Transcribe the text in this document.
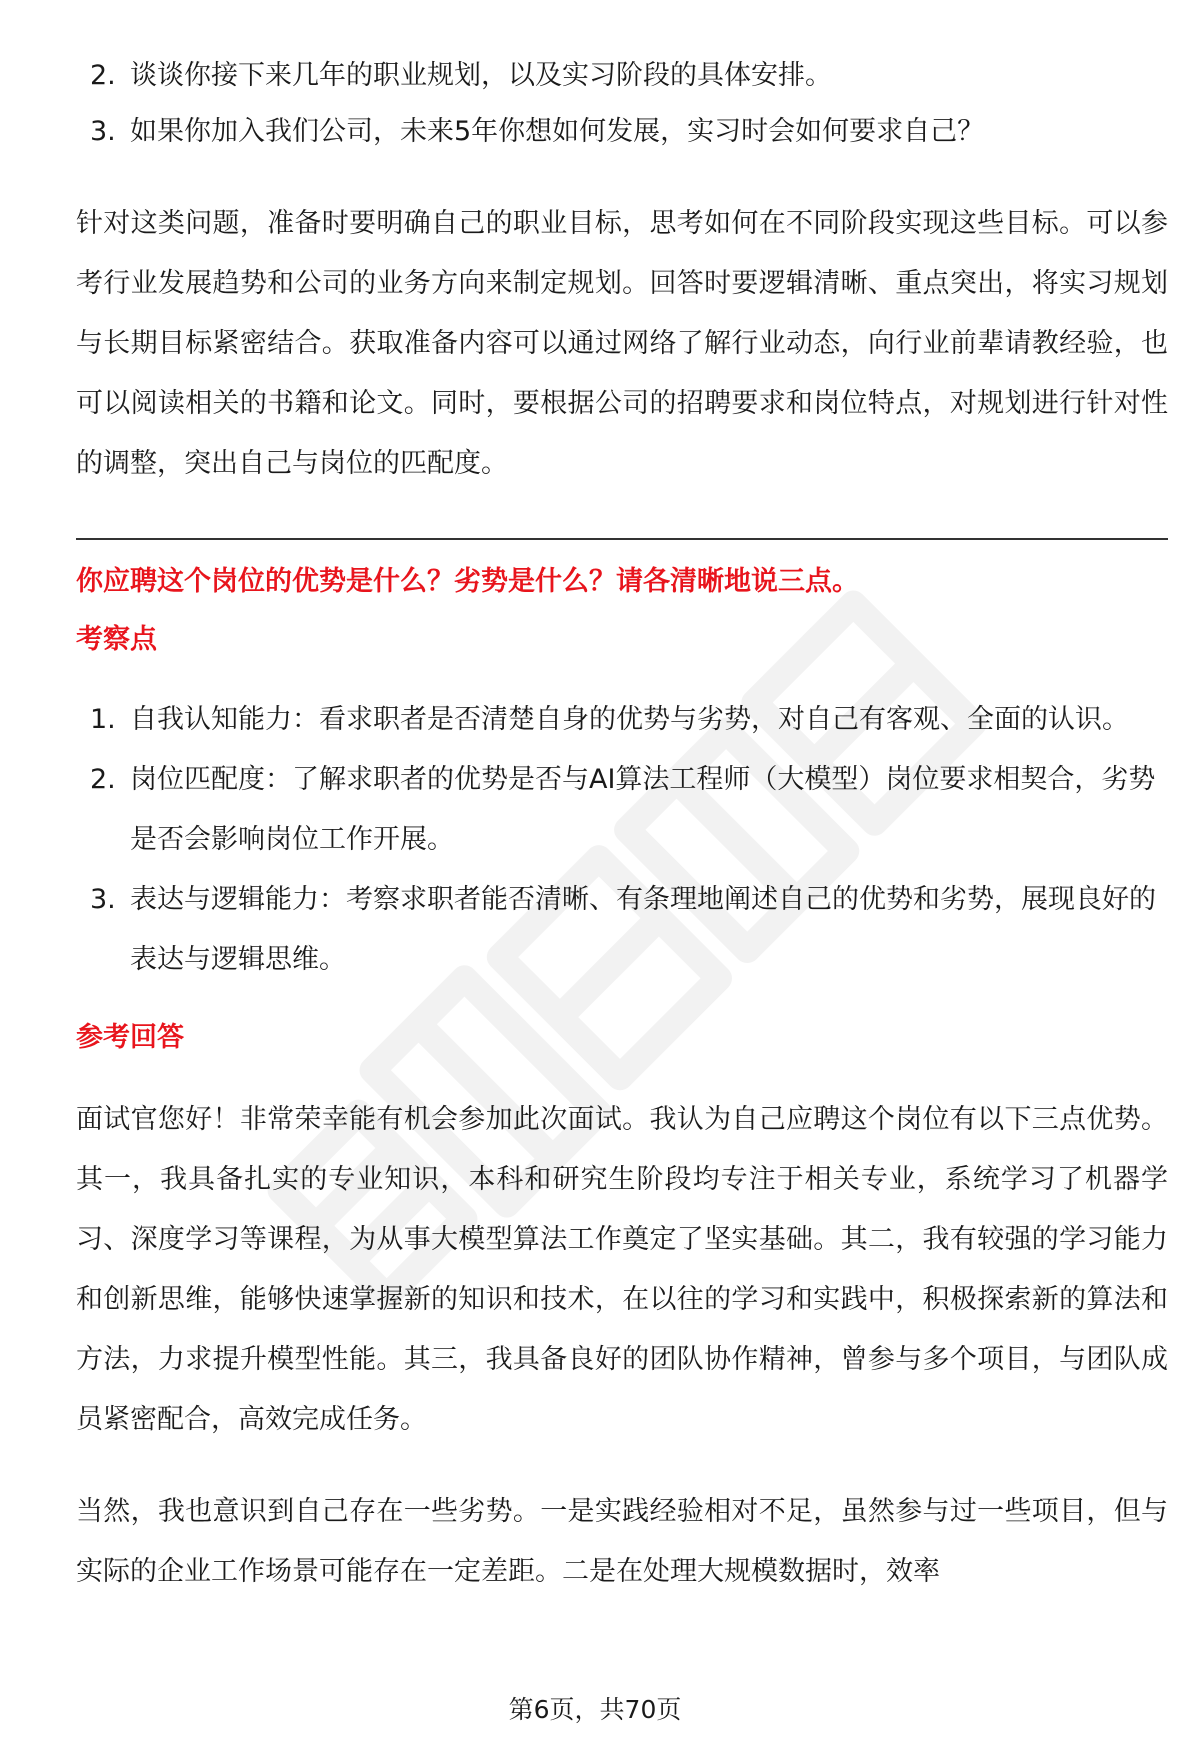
2. 谈谈你接下来几年的职业规划，以及实习阶段的具体安排。
3. 如果你加入我们公司，未来5年你想如何发展，实习时会如何要求自己？

针对这类问题，准备时要明确自己的职业目标，思考如何在不同阶段实现这些目标。可以参考行业发展趋势和公司的业务方向来制定规划。回答时要逻辑清晰、重点突出，将实习规划与长期目标紧密结合。获取准备内容可以通过网络了解行业动态，向行业前辈请教经验，也可以阅读相关的书籍和论文。同时，要根据公司的招聘要求和岗位特点，对规划进行针对性的调整，突出自己与岗位的匹配度。

你应聘这个岗位的优势是什么？劣势是什么？请各清晰地说三点。

考察点

1. 自我认知能力：看求职者是否清楚自身的优势与劣势，对自己有客观、全面的认识。
2. 岗位匹配度：了解求职者的优势是否与AI算法工程师（大模型）岗位要求相契合，劣势是否会影响岗位工作开展。
3. 表达与逻辑能力：考察求职者能否清晰、有条理地阐述自己的优势和劣势，展现良好的表达与逻辑思维。

参考回答

面试官您好！非常荣幸能有机会参加此次面试。我认为自己应聘这个岗位有以下三点优势。其一，我具备扎实的专业知识，本科和研究生阶段均专注于相关专业，系统学习了机器学习、深度学习等课程，为从事大模型算法工作奠定了坚实基础。其二，我有较强的学习能力和创新思维，能够快速掌握新的知识和技术，在以往的学习和实践中，积极探索新的算法和方法，力求提升模型性能。其三，我具备良好的团队协作精神，曾参与多个项目，与团队成员紧密配合，高效完成任务。

当然，我也意识到自己存在一些劣势。一是实践经验相对不足，虽然参与过一些项目，但与实际的企业工作场景可能存在一定差距。二是在处理大规模数据时，效率

第6页，共70页
